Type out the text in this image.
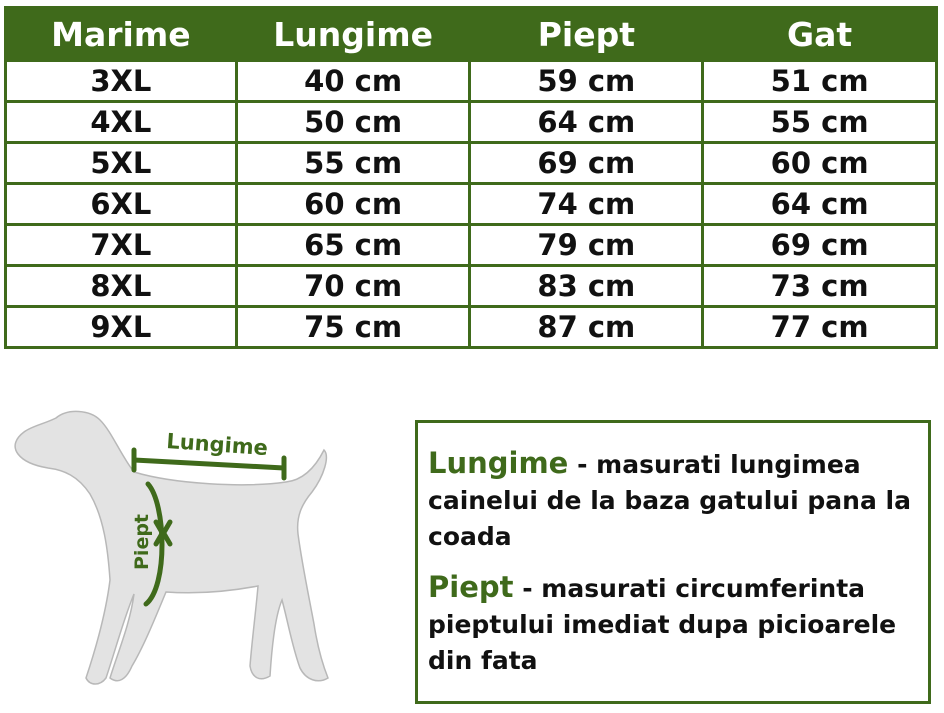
Marime	Lungime	Piept	Gat
3XL	40 cm	59 cm	51 cm
4XL	50 cm	64 cm	55 cm
5XL	55 cm	69 cm	60 cm
6XL	60 cm	74 cm	64 cm
7XL	65 cm	79 cm	69 cm
8XL	70 cm	83 cm	73 cm
9XL	75 cm	87 cm	77 cm
Lungime
Piept

Lungime - masurati lungimea cainelui de la baza gatului pana la coada

Piept - masurati circumferinta pieptului imediat dupa picioarele din fata
